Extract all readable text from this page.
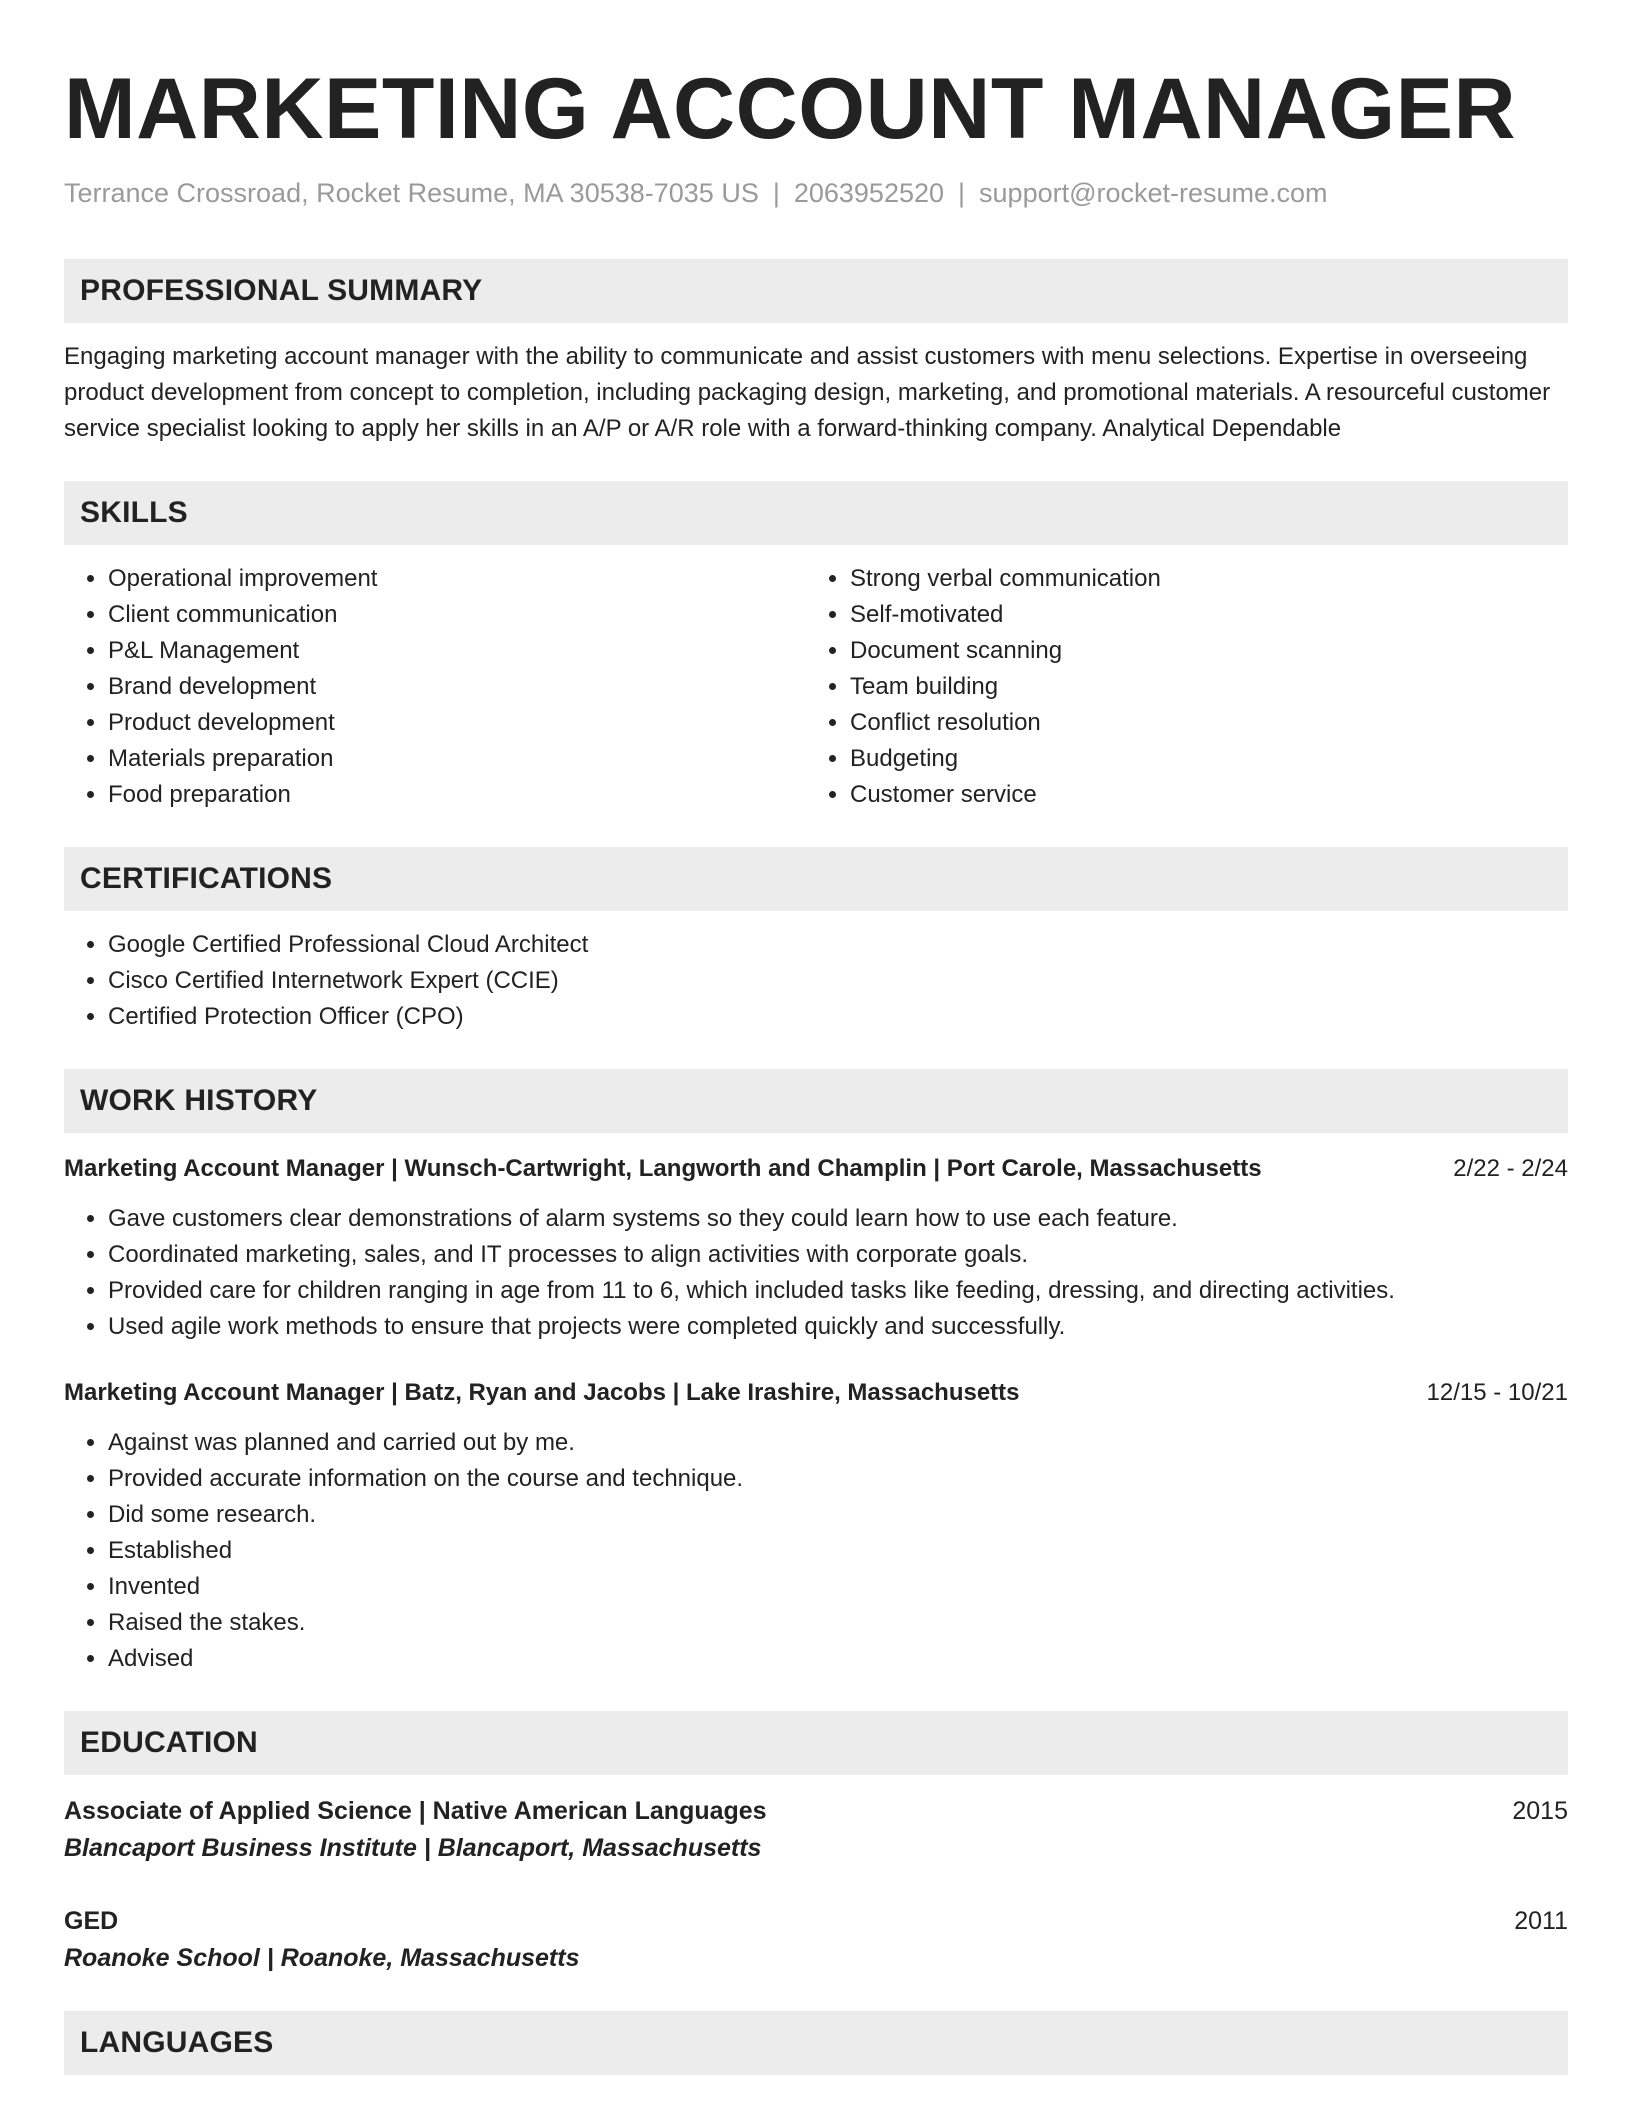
MARKETING ACCOUNT MANAGER
Terrance Crossroad, Rocket Resume, MA 30538-7035 US | 2063952520 | support@rocket-resume.com
PROFESSIONAL SUMMARY
Engaging marketing account manager with the ability to communicate and assist customers with menu selections. Expertise in overseeing product development from concept to completion, including packaging design, marketing, and promotional materials. A resourceful customer service specialist looking to apply her skills in an A/P or A/R role with a forward-thinking company. Analytical Dependable
SKILLS
• Operational improvement
• Client communication
• P&L Management
• Brand development
• Product development
• Materials preparation
• Food preparation
• Strong verbal communication
• Self-motivated
• Document scanning
• Team building
• Conflict resolution
• Budgeting
• Customer service
CERTIFICATIONS
• Google Certified Professional Cloud Architect
• Cisco Certified Internetwork Expert (CCIE)
• Certified Protection Officer (CPO)
WORK HISTORY
Marketing Account Manager | Wunsch-Cartwright, Langworth and Champlin | Port Carole, Massachusetts	2/22 - 2/24
• Gave customers clear demonstrations of alarm systems so they could learn how to use each feature.
• Coordinated marketing, sales, and IT processes to align activities with corporate goals.
• Provided care for children ranging in age from 11 to 6, which included tasks like feeding, dressing, and directing activities.
• Used agile work methods to ensure that projects were completed quickly and successfully.
Marketing Account Manager | Batz, Ryan and Jacobs | Lake Irashire, Massachusetts	12/15 - 10/21
• Against was planned and carried out by me.
• Provided accurate information on the course and technique.
• Did some research.
• Established
• Invented
• Raised the stakes.
• Advised
EDUCATION
Associate of Applied Science | Native American Languages	2015
Blancaport Business Institute | Blancaport, Massachusetts
GED	2011
Roanoke School | Roanoke, Massachusetts
LANGUAGES
